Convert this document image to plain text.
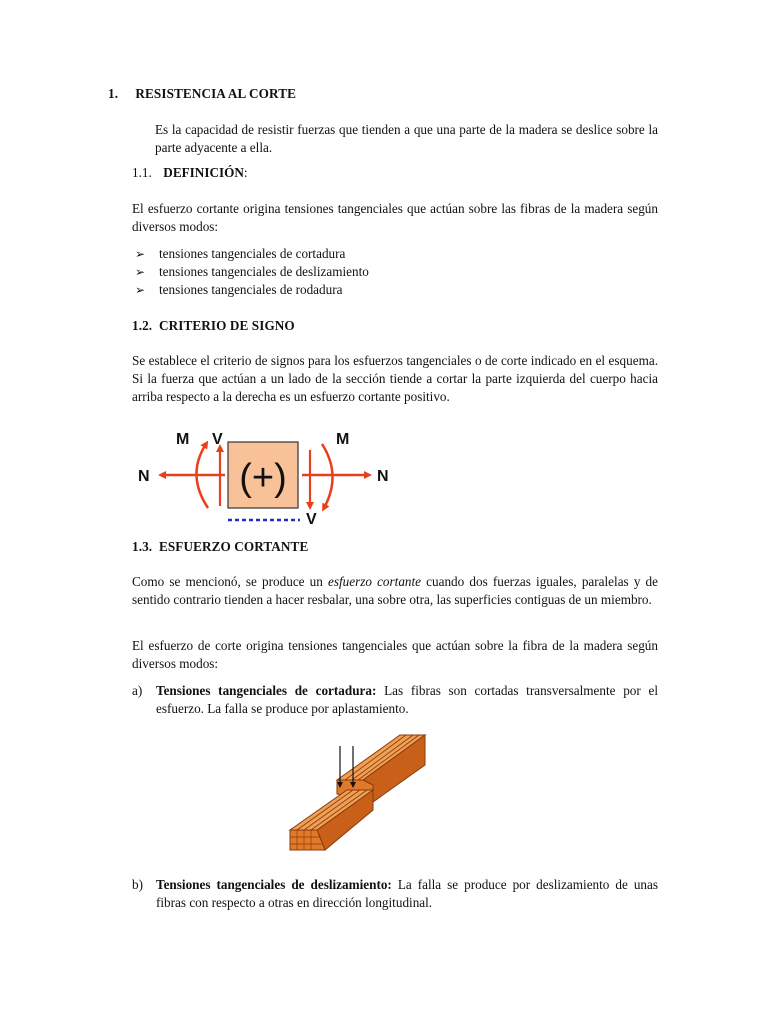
1. RESISTENCIA AL CORTE

Es la capacidad de resistir fuerzas que tienden a que una parte de la madera se deslice sobre la parte adyacente a ella.

1.1. DEFINICIÓN:

El esfuerzo cortante origina tensiones tangenciales que actúan sobre las fibras de la madera según diversos modos:

➢ tensiones tangenciales de cortadura
➢ tensiones tangenciales de deslizamiento
➢ tensiones tangenciales de rodadura
1.2.  CRITERIO DE SIGNO

Se establece el criterio de signos para los esfuerzos tangenciales o de corte indicado en el esquema. Si la fuerza que actúan a un lado de la sección tiende a cortar la parte izquierda del cuerpo hacia arriba respecto a la derecha es un esfuerzo cortante positivo.

(+)
M V
N
M
N
V
1.3.  ESFUERZO CORTANTE

Como se mencionó, se produce un esfuerzo cortante cuando dos fuerzas iguales, paralelas y de sentido contrario tienden a hacer resbalar, una sobre otra, las superficies contiguas de un miembro.

El esfuerzo de corte origina tensiones tangenciales que actúan sobre la fibra de la madera según diversos modos:

a) Tensiones tangenciales de cortadura: Las fibras son cortadas transversalmente por el esfuerzo. La falla se produce por aplastamiento.

b) Tensiones tangenciales de deslizamiento: La falla se produce por deslizamiento de unas fibras con respecto a otras en dirección longitudinal.
